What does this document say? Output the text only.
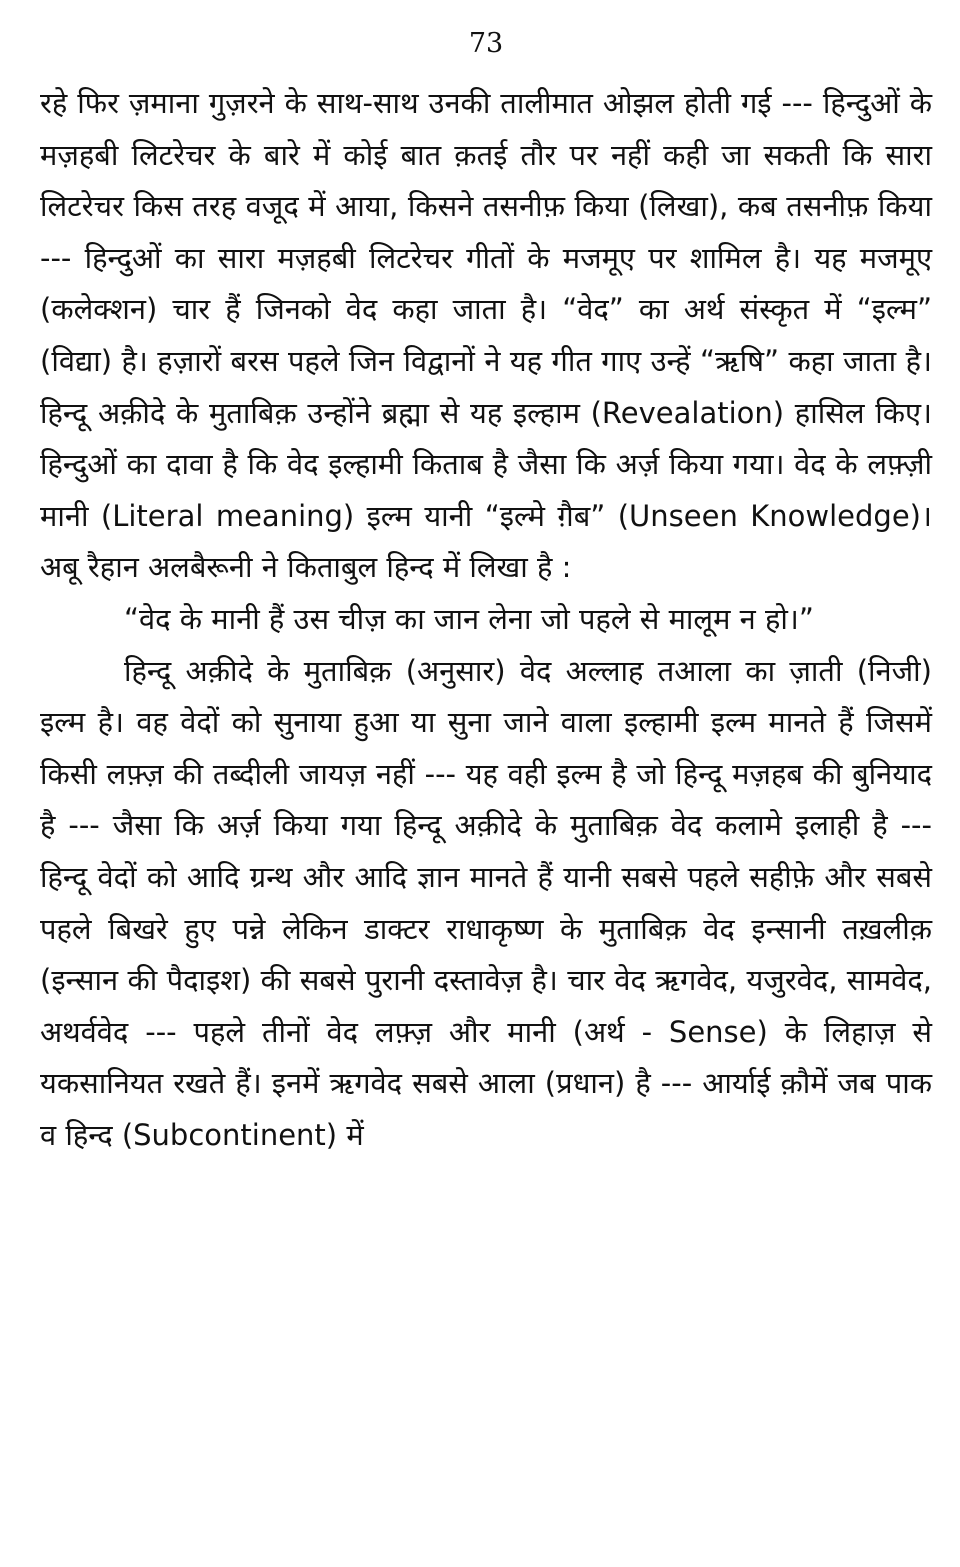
73

रहे फिर ज़माना गुज़रने के साथ-साथ उनकी तालीमात ओझल होती गई --- हिन्दुओं के मज़हबी लिटरेचर के बारे में कोई बात क़तई तौर पर नहीं कही जा सकती कि सारा लिटरेचर किस तरह वजूद में आया, किसने तसनीफ़ किया (लिखा), कब तसनीफ़ किया --- हिन्दुओं का सारा मज़हबी लिटरेचर गीतों के मजमूए पर शामिल है। यह मजमूए (कलेक्शन) चार हैं जिनको वेद कहा जाता है। “वेद” का अर्थ संस्कृत में “इल्म” (विद्या) है। हज़ारों बरस पहले जिन विद्वानों ने यह गीत गाए उन्हें “ऋषि” कहा जाता है। हिन्दू अक़ीदे के मुताबिक़ उन्होंने ब्रह्मा से यह इल्हाम (Revealation) हासिल किए। हिन्दुओं का दावा है कि वेद इल्हामी किताब है जैसा कि अर्ज़ किया गया। वेद के लफ़्ज़ी मानी (Literal meaning) इल्म यानी “इल्मे ग़ैब” (Unseen Knowledge)। अबू रैहान अलबैरूनी ने किताबुल हिन्द में लिखा है :

“वेद के मानी हैं उस चीज़ का जान लेना जो पहले से मालूम न हो।”

हिन्दू अक़ीदे के मुताबिक़ (अनुसार) वेद अल्लाह तआला का ज़ाती (निजी) इल्म है। वह वेदों को सुनाया हुआ या सुना जाने वाला इल्हामी इल्म मानते हैं जिसमें किसी लफ़्ज़ की तब्दीली जायज़ नहीं --- यह वही इल्म है जो हिन्दू मज़हब की बुनियाद है --- जैसा कि अर्ज़ किया गया हिन्दू अक़ीदे के मुताबिक़ वेद कलामे इलाही है --- हिन्दू वेदों को आदि ग्रन्थ और आदि ज्ञान मानते हैं यानी सबसे पहले सहीफ़े और सबसे पहले बिखरे हुए पन्ने लेकिन डाक्टर राधाकृष्ण के मुताबिक़ वेद इन्सानी तख़लीक़ (इन्सान की पैदाइश) की सबसे पुरानी दस्तावेज़ है। चार वेद ऋगवेद, यजुरवेद, सामवेद, अथर्ववेद --- पहले तीनों वेद लफ़्ज़ और मानी (अर्थ - Sense) के लिहाज़ से यकसानियत रखते हैं। इनमें ऋगवेद सबसे आला (प्रधान) है --- आर्याई क़ौमें जब पाक व हिन्द (Subcontinent) में
